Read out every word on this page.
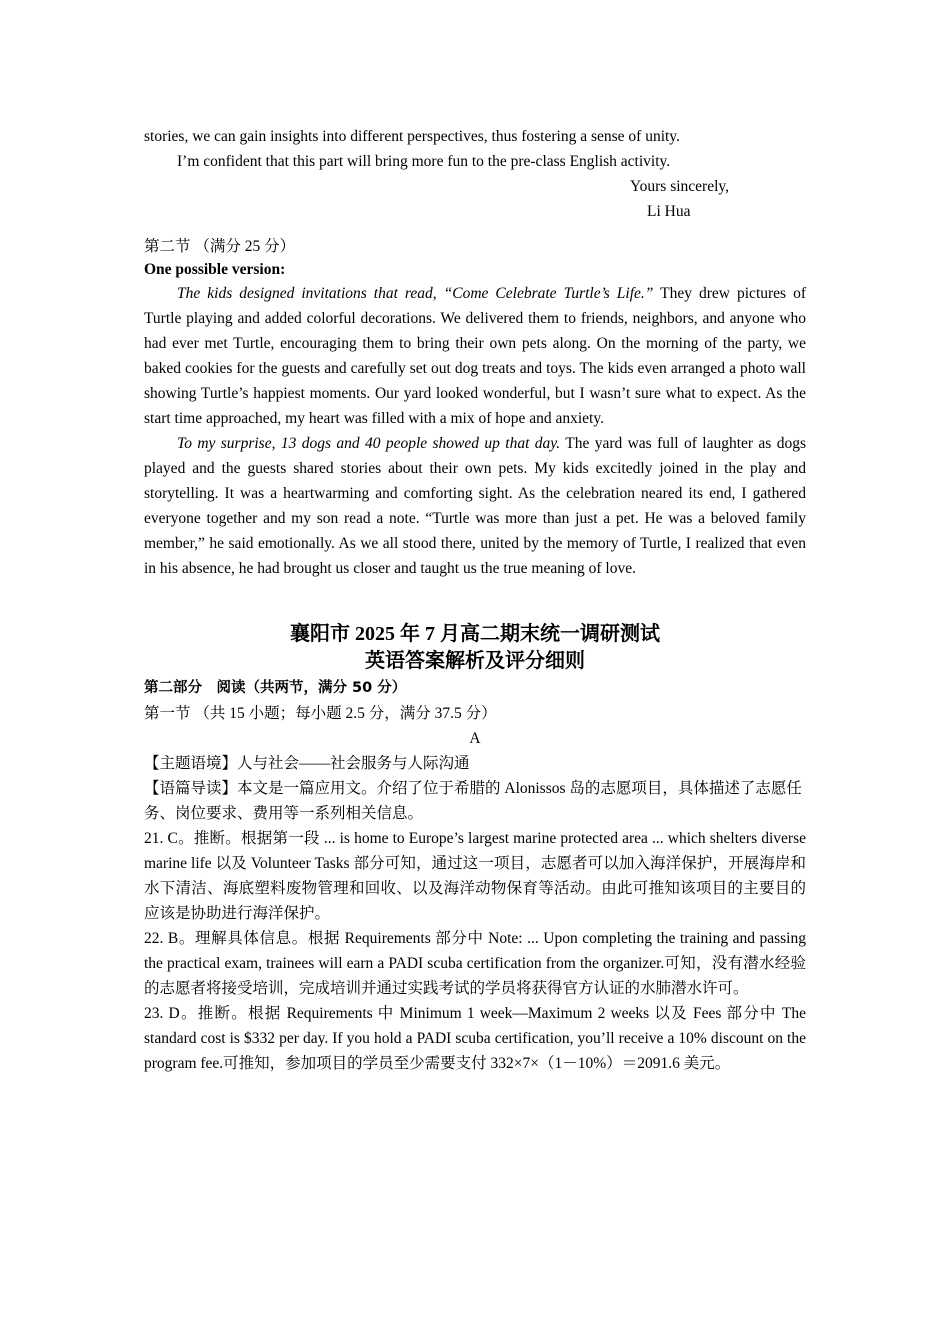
stories, we can gain insights into different perspectives, thus fostering a sense of unity.

I’m confident that this part will bring more fun to the pre-class English activity.

Yours sincerely,

Li Hua

第二节 （满分 25 分）

One possible version:

The kids designed invitations that read, “Come Celebrate Turtle’s Life.” They drew pictures of Turtle playing and added colorful decorations. We delivered them to friends, neighbors, and anyone who had ever met Turtle, encouraging them to bring their own pets along. On the morning of the party, we baked cookies for the guests and carefully set out dog treats and toys. The kids even arranged a photo wall showing Turtle’s happiest moments. Our yard looked wonderful, but I wasn’t sure what to expect. As the start time approached, my heart was filled with a mix of hope and anxiety.

To my surprise, 13 dogs and 40 people showed up that day. The yard was full of laughter as dogs played and the guests shared stories about their own pets. My kids excitedly joined in the play and storytelling. It was a heartwarming and comforting sight. As the celebration neared its end, I gathered everyone together and my son read a note. “Turtle was more than just a pet. He was a beloved family member,” he said emotionally. As we all stood there, united by the memory of Turtle, I realized that even in his absence, he had brought us closer and taught us the true meaning of love.

襄阳市 2025 年 7 月高二期末统一调研测试

英语答案解析及评分细则

第二部分　阅读（共两节，满分 50 分）

第一节 （共 15 小题；每小题 2.5 分，满分 37.5 分）

A

【主题语境】人与社会——社会服务与人际沟通

【语篇导读】本文是一篇应用文。介绍了位于希腊的 Alonissos 岛的志愿项目，具体描述了志愿任务、岗位要求、费用等一系列相关信息。

21. C。推断。根据第一段 ... is home to Europe’s largest marine protected area ... which shelters diverse marine life 以及 Volunteer Tasks 部分可知，通过这一项目，志愿者可以加入海洋保护，开展海岸和水下清洁、海底塑料废物管理和回收、以及海洋动物保育等活动。由此可推知该项目的主要目的应该是协助进行海洋保护。

22. B。理解具体信息。根据 Requirements 部分中 Note: ... Upon completing the training and passing the practical exam, trainees will earn a PADI scuba certification from the organizer.可知，没有潜水经验的志愿者将接受培训，完成培训并通过实践考试的学员将获得官方认证的水肺潜水许可。

23. D。推断。根据 Requirements 中 Minimum 1 week—Maximum 2 weeks 以及 Fees 部分中 The standard cost is $332 per day. If you hold a PADI scuba certification, you’ll receive a 10% discount on the program fee.可推知，参加项目的学员至少需要支付 332×7×（1－10%）＝2091.6 美元。
